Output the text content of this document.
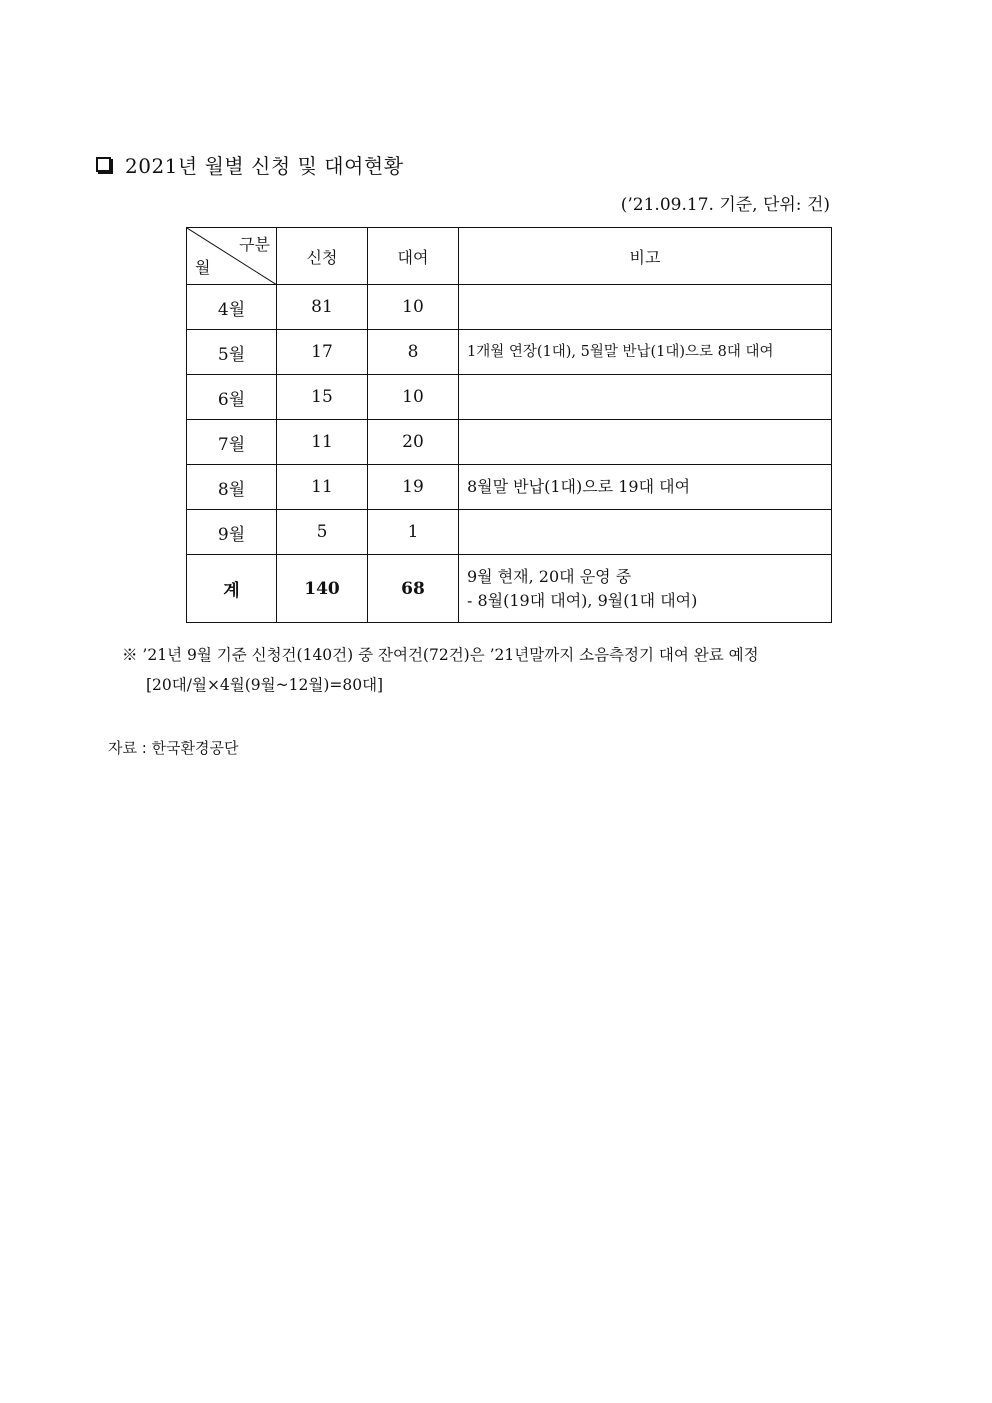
2021년 월별 신청 및 대여현황
(’21.09.17. 기준, 단위: 건)
구분
월	신청	대여	비고
4월	81	10	
5월	17	8	1개월 연장(1대), 5월말 반납(1대)으로 8대 대여
6월	15	10	
7월	11	20	
8월	11	19	8월말 반납(1대)으로 19대 대여
9월	5	1	
계	140	68	9월 현재, 20대 운영 중
- 8월(19대 대여), 9월(1대 대여)
※ ’21년 9월 기준 신청건(140건) 중 잔여건(72건)은 ’21년말까지 소음측정기 대여 완료 예정
[20대/월×4월(9월~12월)=80대]
자료 : 한국환경공단
